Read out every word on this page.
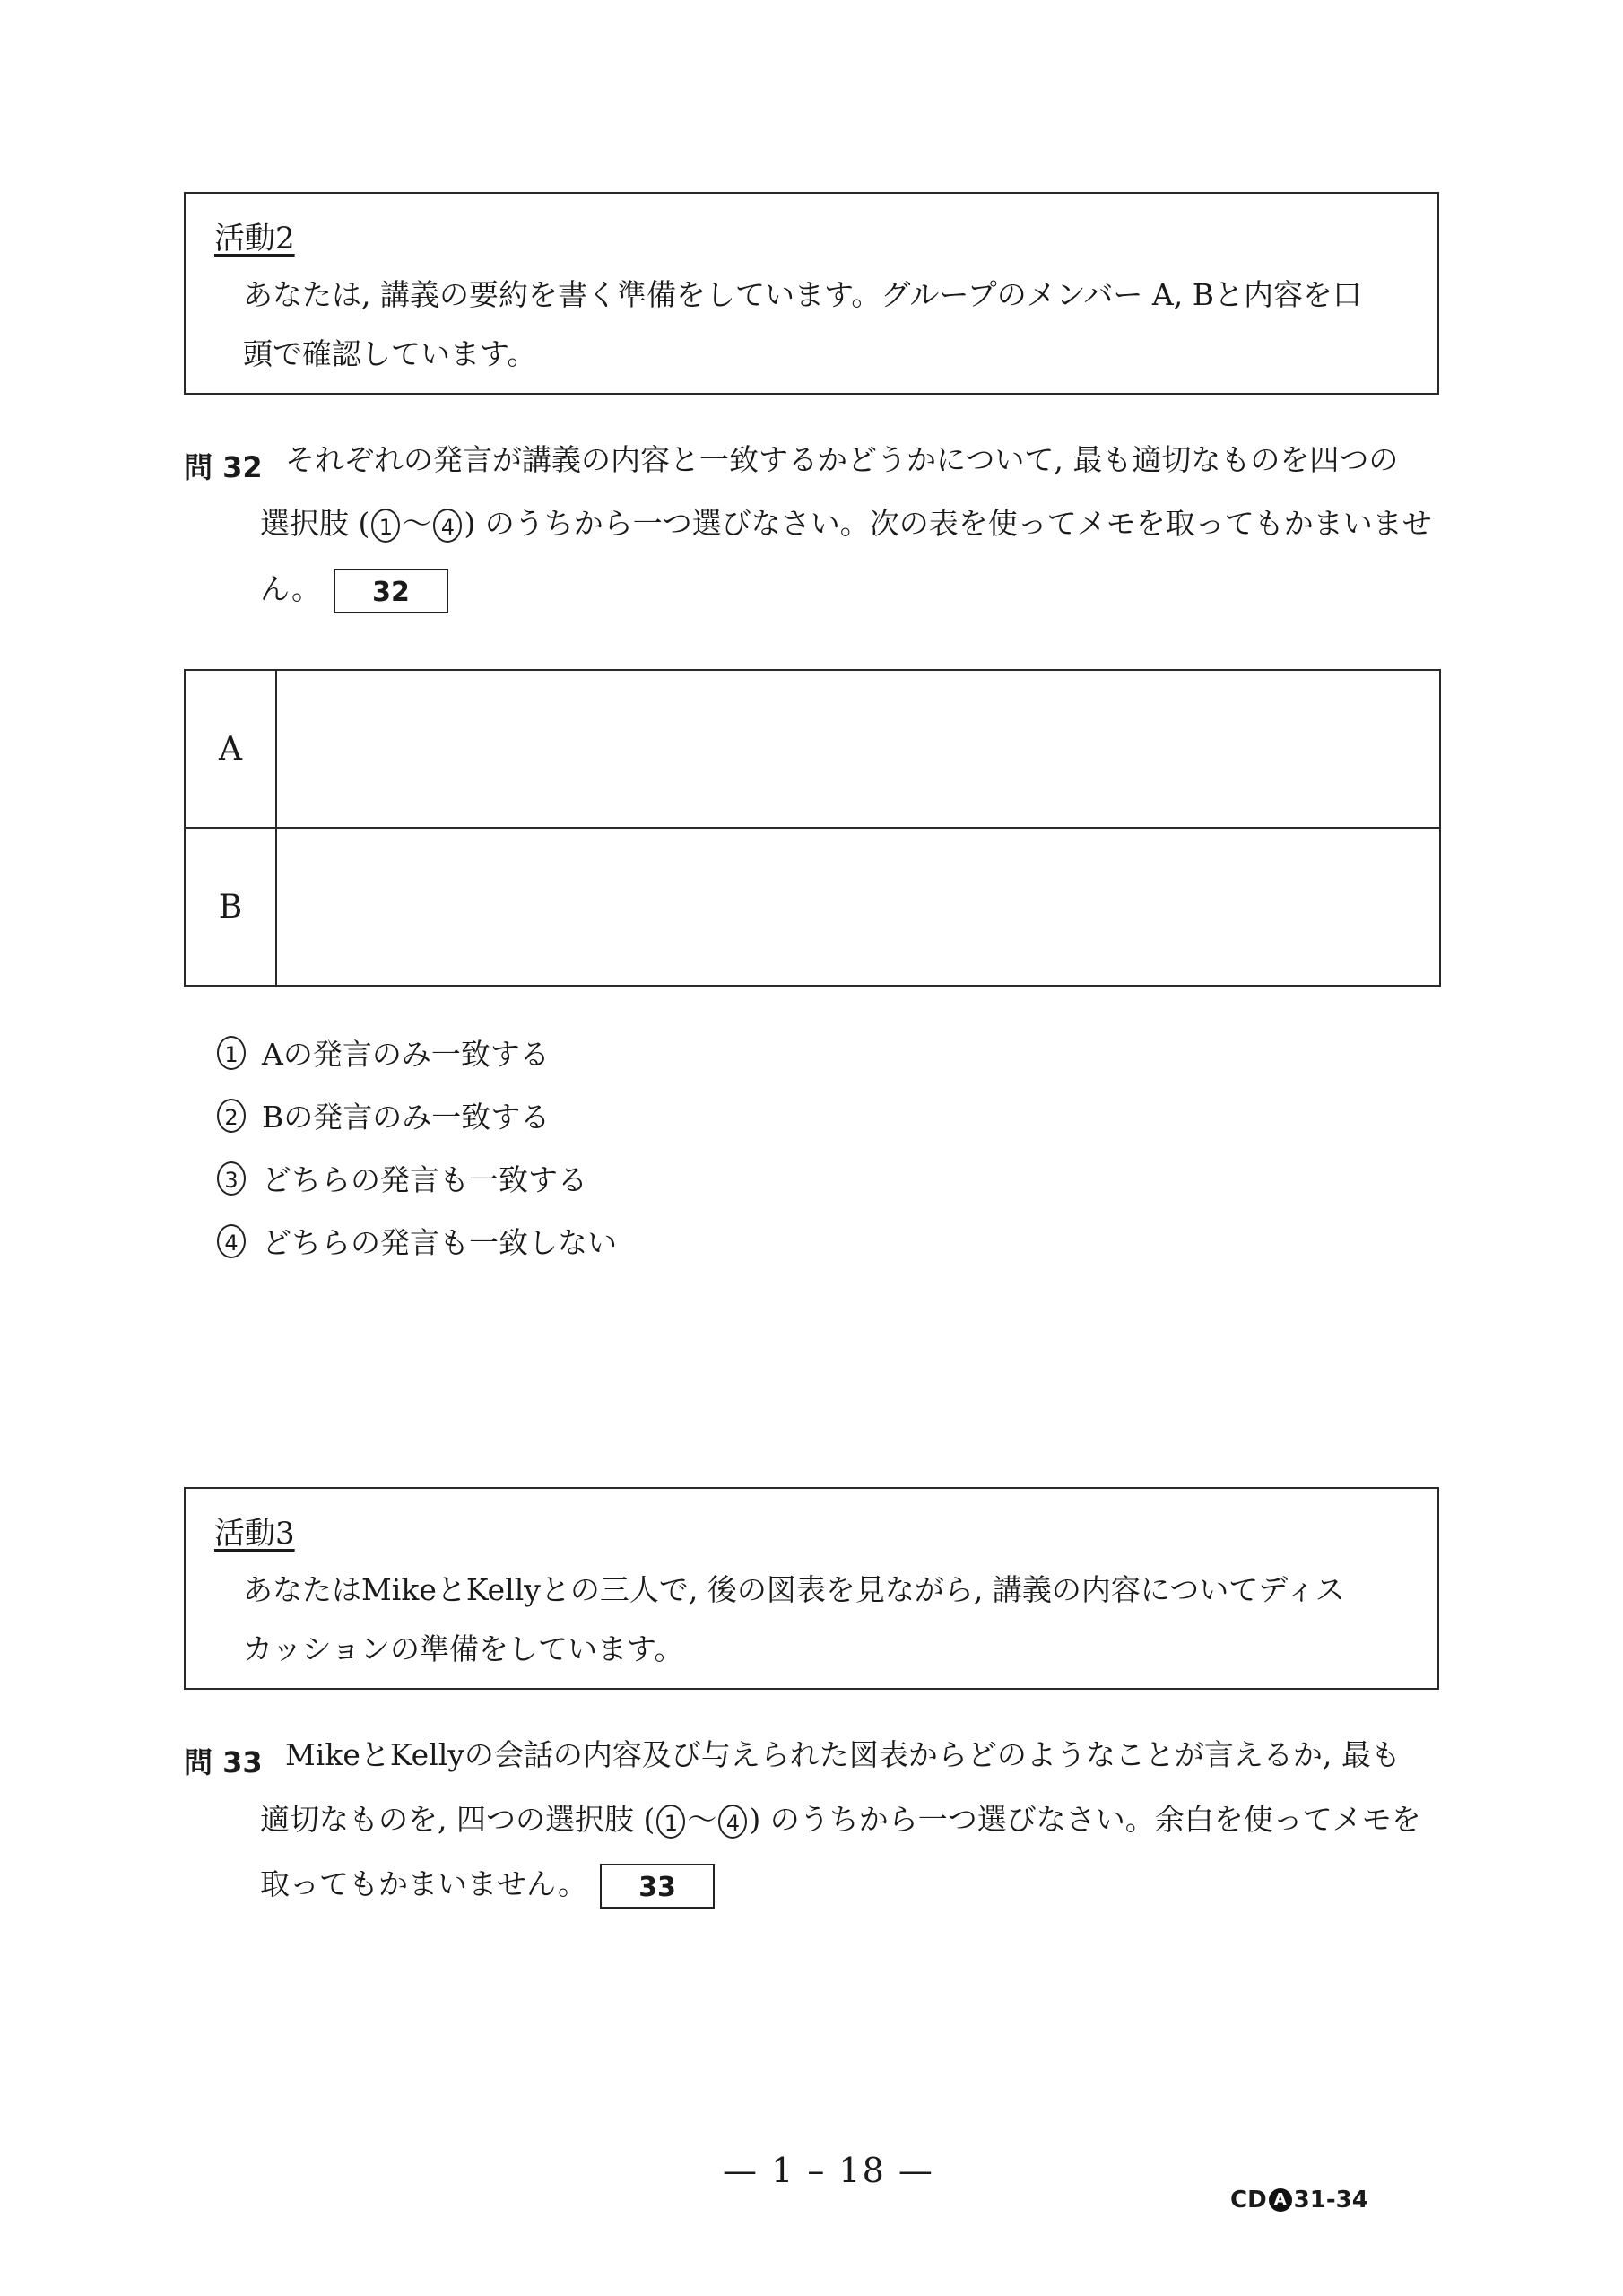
活動2
あなたは, 講義の要約を書く準備をしています。グループのメンバー A, Bと内容を口
頭で確認しています。
問 32 それぞれの発言が講義の内容と一致するかどうかについて, 最も適切なものを四つの
選択肢 ( 1 〜 4 ) のうちから一つ選びなさい。次の表を使ってメモを取ってもかまいませ
ん。 32
A	
B	
1 Aの発言のみ一致する
2 Bの発言のみ一致する
3 どちらの発言も一致する
4 どちらの発言も一致しない
活動3
あなたはMikeとKellyとの三人で, 後の図表を見ながら, 講義の内容についてディス
カッションの準備をしています。
問 33 MikeとKellyの会話の内容及び与えられた図表からどのようなことが言えるか, 最も
適切なものを, 四つの選択肢 ( 1 〜 4 ) のうちから一つ選びなさい。余白を使ってメモを
取ってもかまいません。 33
— 1 – 18 —
CD A 31-34
